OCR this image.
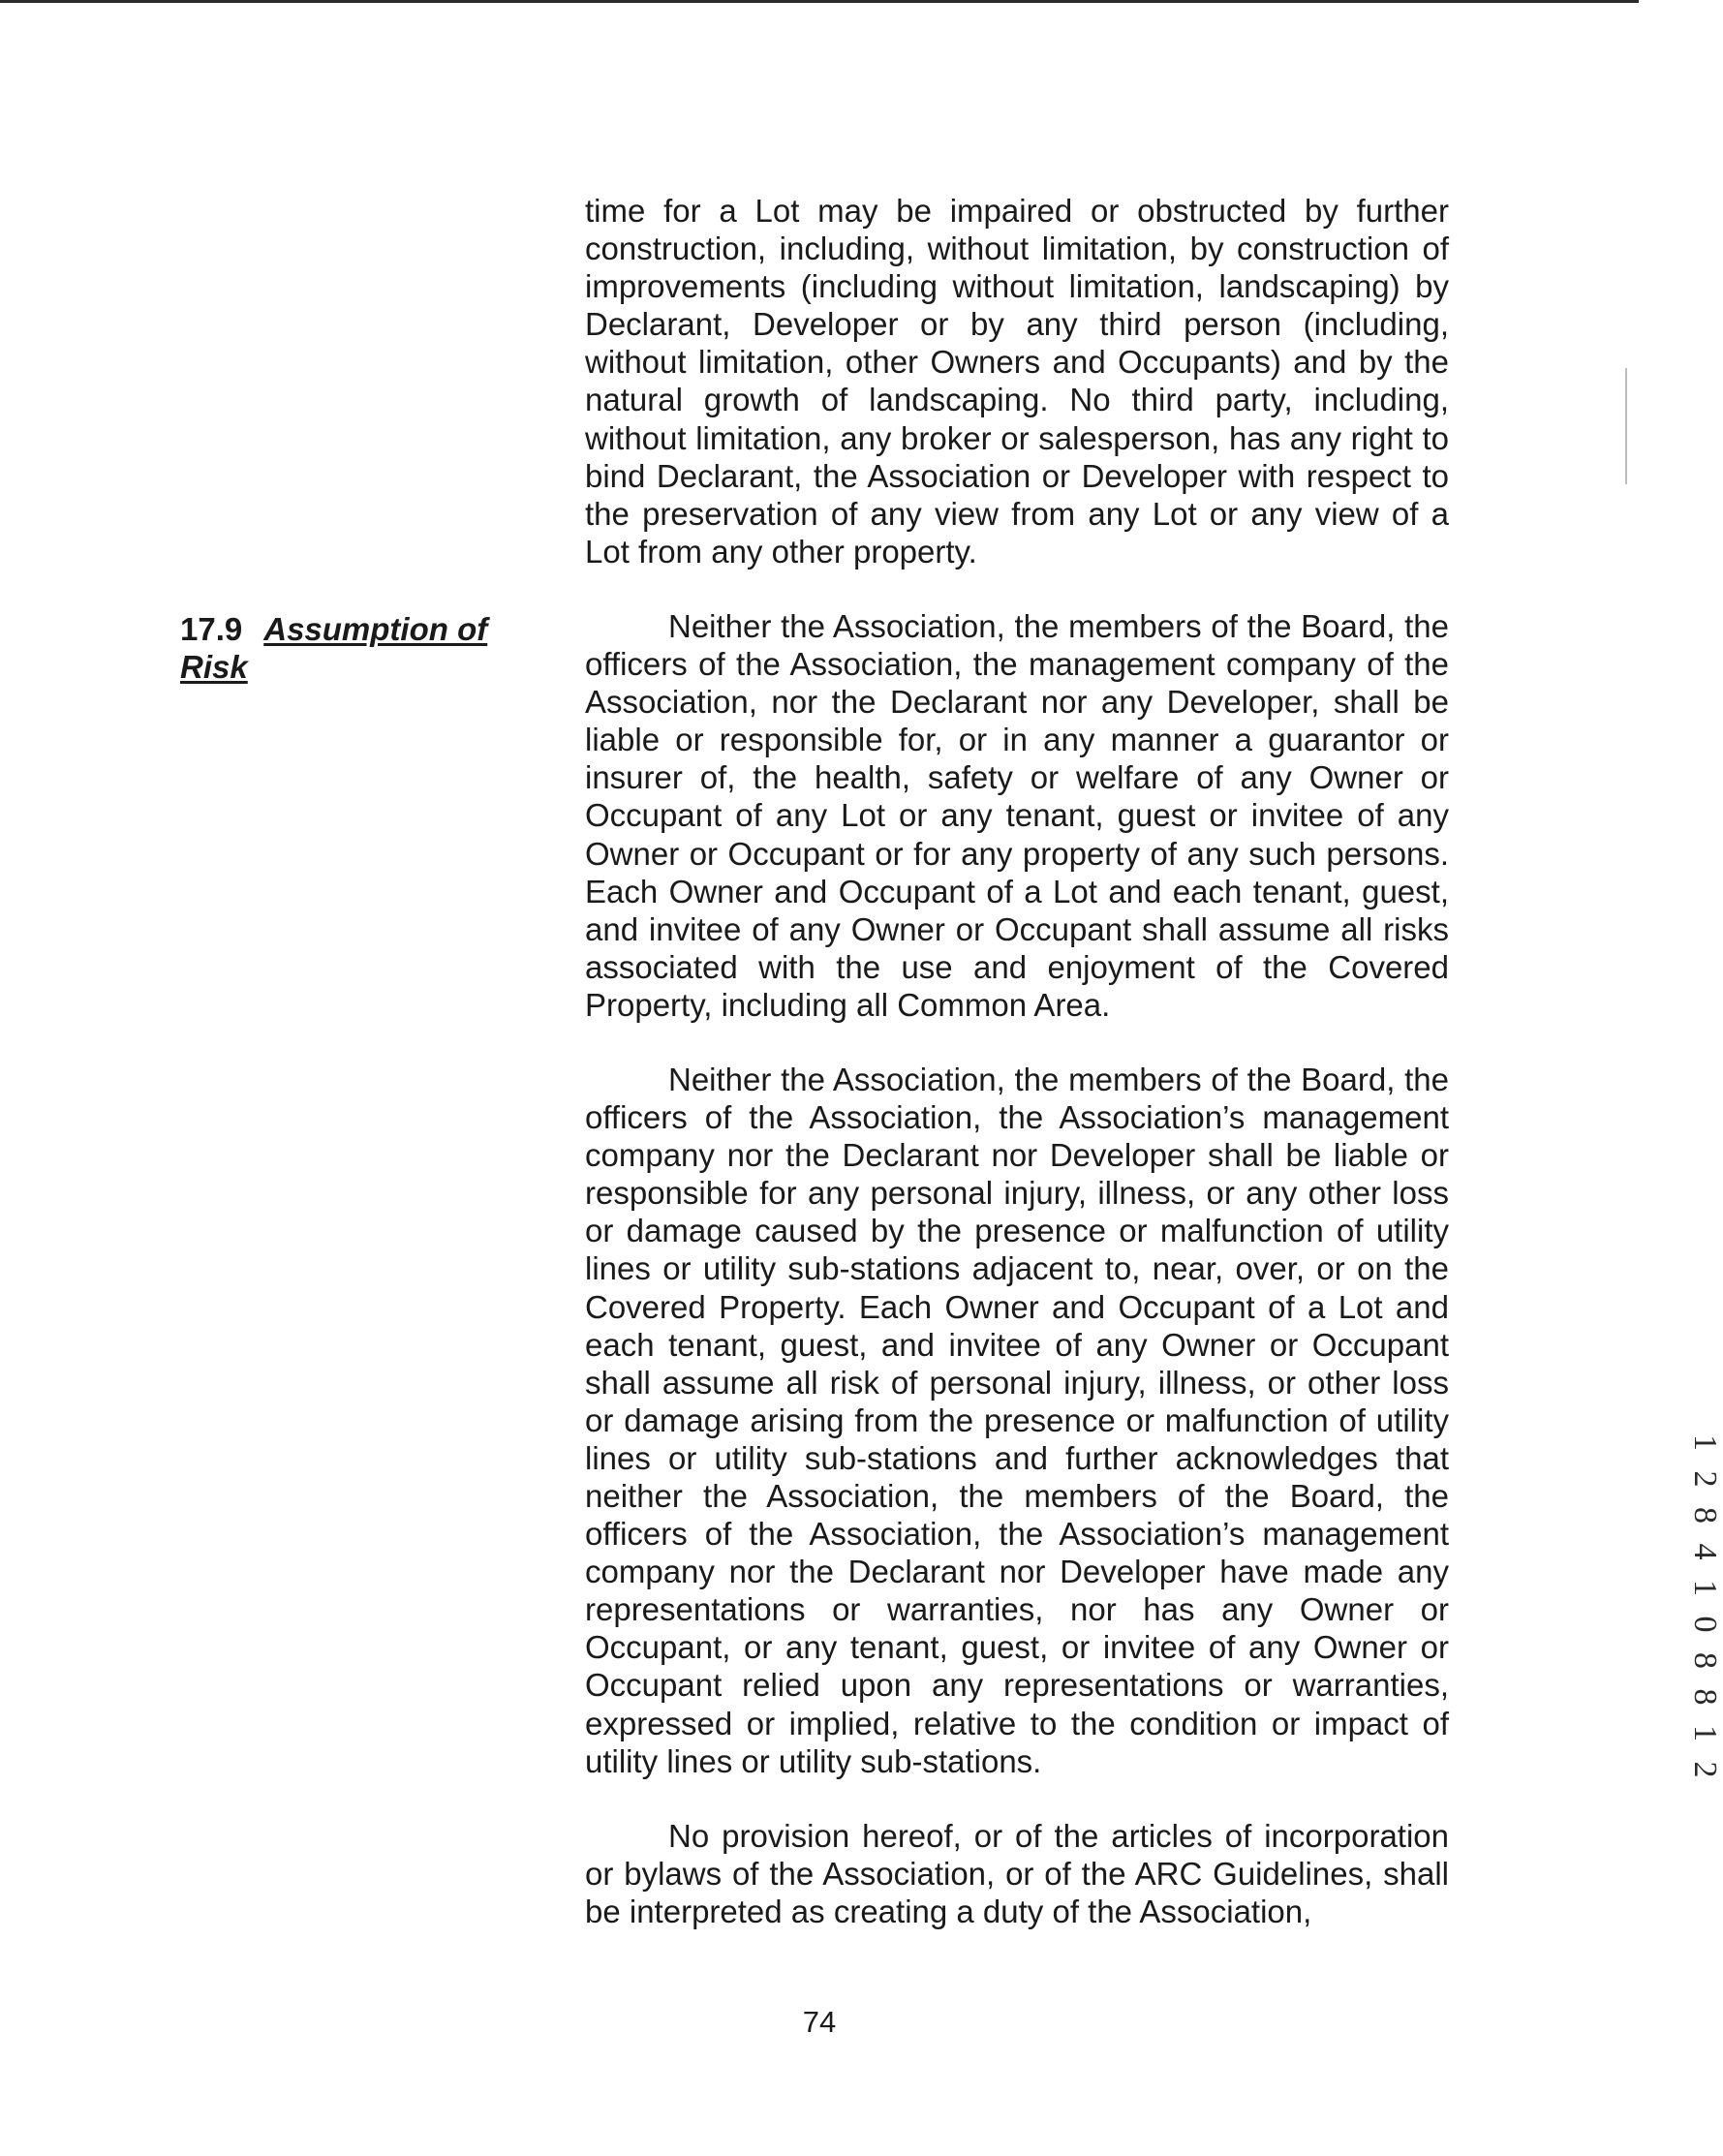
17.9 Assumption of
Risk

time for a Lot may be impaired or obstructed by further construction, including, without limitation, by construction of improvements (including without limitation, landscaping) by Declarant, Developer or by any third person (including, without limitation, other Owners and Occupants) and by the natural growth of landscaping. No third party, including, without limitation, any broker or salesperson, has any right to bind Declarant, the Association or Developer with respect to the preservation of any view from any Lot or any view of a Lot from any other property.

Neither the Association, the members of the Board, the officers of the Association, the management company of the Association, nor the Declarant nor any Developer, shall be liable or responsible for, or in any manner a guarantor or insurer of, the health, safety or welfare of any Owner or Occupant of any Lot or any tenant, guest or invitee of any Owner or Occupant or for any property of any such persons. Each Owner and Occupant of a Lot and each tenant, guest, and invitee of any Owner or Occupant shall assume all risks associated with the use and enjoyment of the Covered Property, including all Common Area.

Neither the Association, the members of the Board, the officers of the Association, the Association’s management company nor the Declarant nor Developer shall be liable or responsible for any personal injury, illness, or any other loss or damage caused by the presence or malfunction of utility lines or utility sub-stations adjacent to, near, over, or on the Covered Property. Each Owner and Occupant of a Lot and each tenant, guest, and invitee of any Owner or Occupant shall assume all risk of personal injury, illness, or other loss or damage arising from the presence or malfunction of utility lines or utility sub-stations and further acknowledges that neither the Association, the members of the Board, the officers of the Association, the Association’s management company nor the Declarant nor Developer have made any representations or warranties, nor has any Owner or Occupant, or any tenant, guest, or invitee of any Owner or Occupant relied upon any representations or warranties, expressed or implied, relative to the condition or impact of utility lines or utility sub-stations.

No provision hereof, or of the articles of incorporation or bylaws of the Association, or of the ARC Guidelines, shall be interpreted as creating a duty of the Association,

74
1 2 8 4 1 0 8 8 1 2
